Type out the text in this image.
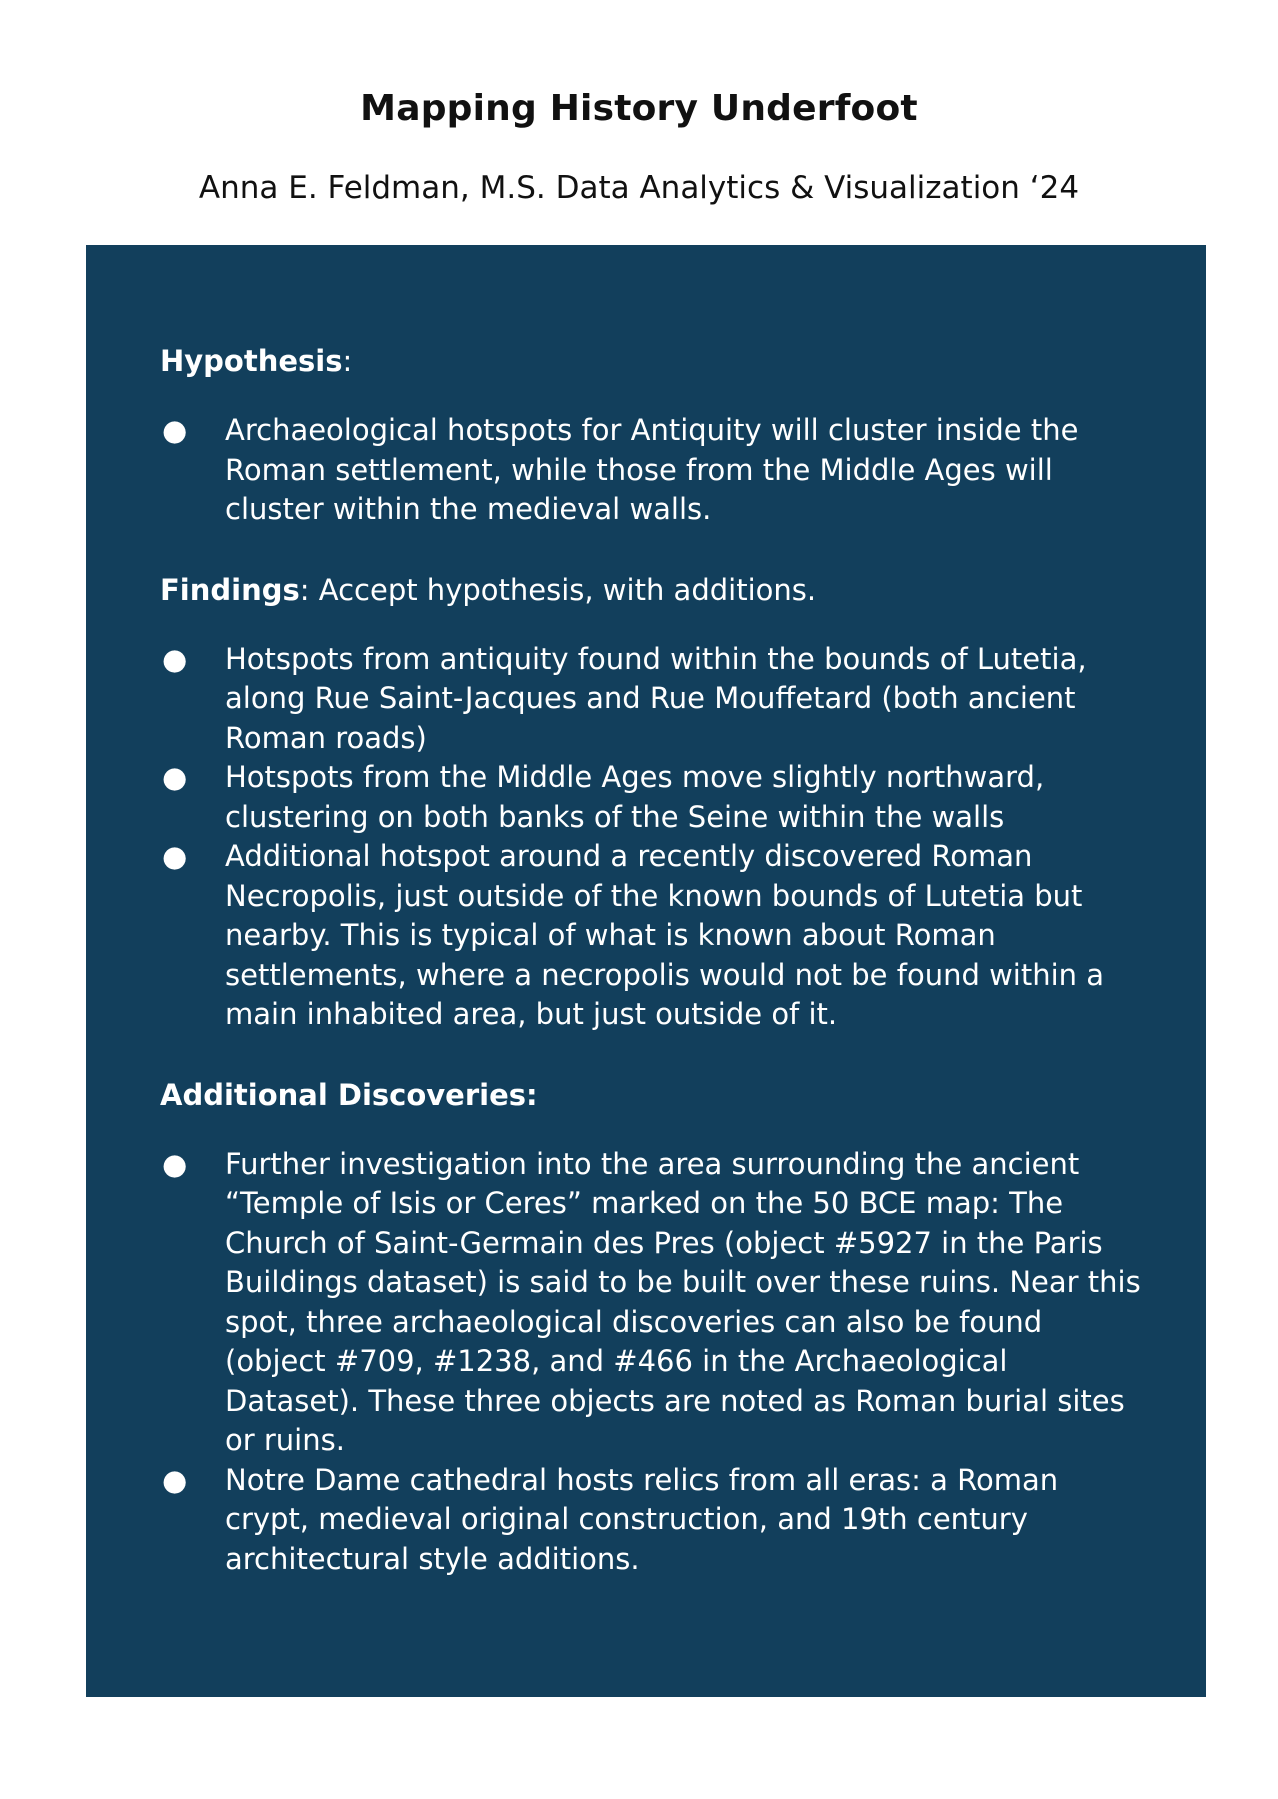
Mapping History Underfoot
Anna E. Feldman, M.S. Data Analytics & Visualization ‘24

Hypothesis:

● Archaeological hotspots for Antiquity will cluster inside the Roman settlement, while those from the Middle Ages will cluster within the medieval walls.

Findings: Accept hypothesis, with additions.

● Hotspots from antiquity found within the bounds of Lutetia, along Rue Saint-Jacques and Rue Mouffetard (both ancient Roman roads)
● Hotspots from the Middle Ages move slightly northward, clustering on both banks of the Seine within the walls
● Additional hotspot around a recently discovered Roman Necropolis, just outside of the known bounds of Lutetia but nearby. This is typical of what is known about Roman settlements, where a necropolis would not be found within a main inhabited area, but just outside of it.

Additional Discoveries:

● Further investigation into the area surrounding the ancient “Temple of Isis or Ceres” marked on the 50 BCE map: The Church of Saint-Germain des Pres (object #5927 in the Paris Buildings dataset) is said to be built over these ruins. Near this spot, three archaeological discoveries can also be found (object #709, #1238, and #466 in the Archaeological Dataset). These three objects are noted as Roman burial sites or ruins.
● Notre Dame cathedral hosts relics from all eras: a Roman crypt, medieval original construction, and 19th century architectural style additions.
